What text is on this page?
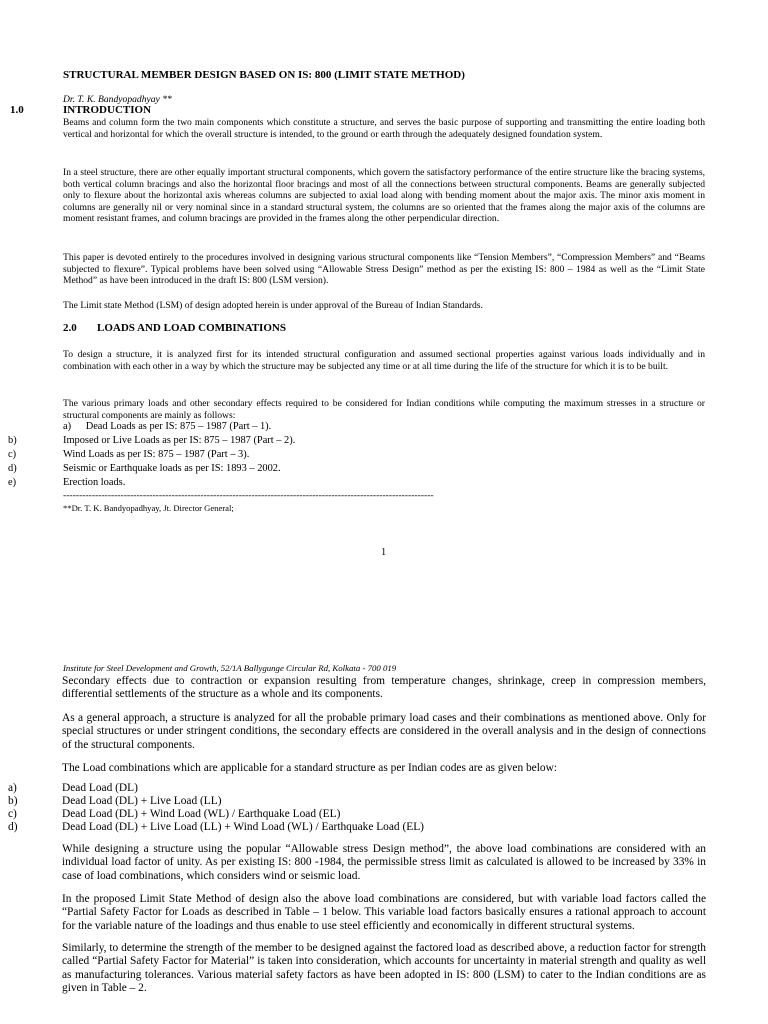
STRUCTURAL MEMBER DESIGN BASED ON IS: 800 (LIMIT STATE METHOD)
Dr. T. K. Bandyopadhyay **
1.0	INTRODUCTION
Beams and column form the two main components which constitute a structure, and serves the basic purpose of supporting and transmitting the entire loading both vertical and horizontal for which the overall structure is intended, to the ground or earth through the adequately designed foundation system.
In a steel structure, there are other equally important structural components, which govern the satisfactory performance of the entire structure like the bracing systems, both vertical column bracings and also the horizontal floor bracings and most of all the connections between structural components. Beams are generally subjected only to flexure about the horizontal axis whereas columns are subjected to axial load along with bending moment about the major axis. The minor axis moment in columns are generally nil or very nominal since in a standard structural system, the columns are so oriented that the frames along the major axis of the columns are moment resistant frames, and column bracings are provided in the frames along the other perpendicular direction.
This paper is devoted entirely to the procedures involved in designing various structural components like “Tension Members”, “Compression Members” and “Beams subjected to flexure”. Typical problems have been solved using “Allowable Stress Design” method as per the existing IS: 800 – 1984 as well as the “Limit State Method” as have been introduced in the draft IS: 800 (LSM version).
The Limit state Method (LSM) of design adopted herein is under approval of the Bureau of Indian Standards.
2.0 LOADS AND LOAD COMBINATIONS
To design a structure, it is analyzed first for its intended structural configuration and assumed sectional properties against various loads individually and in combination with each other in a way by which the structure may be subjected any time or at all time during the life of the structure for which it is to be built.
The various primary loads and other secondary effects required to be considered for Indian conditions while computing the maximum stresses in a structure or structural components are mainly as follows:
a) Dead Loads as per IS: 875 – 1987 (Part – 1).
b)	Imposed or Live Loads as per IS: 875 – 1987 (Part – 2).
c)	Wind Loads as per IS: 875 – 1987 (Part – 3).
d)	Seismic or Earthquake loads as per IS: 1893 – 2002.
e)	Erection loads.
--------------------------------------------------------------------------------------------------------------------
**Dr. T. K. Bandyopadhyay, Jt. Director General;
1
Institute for Steel Development and Growth, 52/1A Ballygunge Circular Rd, Kolkata - 700 019
Secondary effects due to contraction or expansion resulting from temperature changes, shrinkage, creep in compression members, differential settlements of the structure as a whole and its components.
As a general approach, a structure is analyzed for all the probable primary load cases and their combinations as mentioned above. Only for special structures or under stringent conditions, the secondary effects are considered in the overall analysis and in the design of connections of the structural components.
The Load combinations which are applicable for a standard structure as per Indian codes are as given below:
a)	Dead Load (DL)
b)	Dead Load (DL) + Live Load (LL)
c)	Dead Load (DL) + Wind Load (WL) / Earthquake Load (EL)
d)	Dead Load (DL) + Live Load (LL) + Wind Load (WL) / Earthquake Load (EL)
While designing a structure using the popular “Allowable stress Design method”, the above load combinations are considered with an individual load factor of unity. As per existing IS: 800 -1984, the permissible stress limit as calculated is allowed to be increased by 33% in case of load combinations, which considers wind or seismic load.
In the proposed Limit State Method of design also the above load combinations are considered, but with variable load factors called the “Partial Safety Factor for Loads as described in Table – 1 below. This variable load factors basically ensures a rational approach to account for the variable nature of the loadings and thus enable to use steel efficiently and economically in different structural systems.
Similarly, to determine the strength of the member to be designed against the factored load as described above, a reduction factor for strength called “Partial Safety Factor for Material” is taken into consideration, which accounts for uncertainty in material strength and quality as well as manufacturing tolerances. Various material safety factors as have been adopted in IS: 800 (LSM) to cater to the Indian conditions are as given in Table – 2.
